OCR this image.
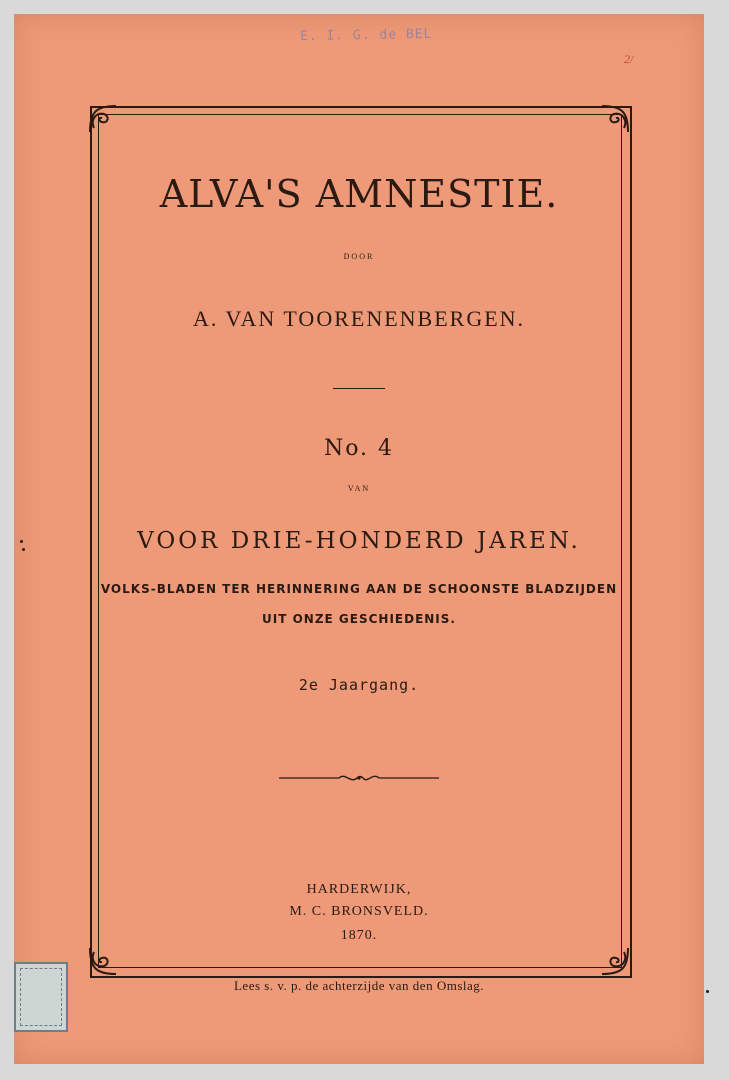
E. I. G. de BEL
2/
ALVA'S AMNESTIE.
DOOR
A. VAN TOORENENBERGEN.
No. 4
VAN
VOOR DRIE-HONDERD JAREN.
VOLKS-BLADEN TER HERINNERING AAN DE SCHOONSTE BLADZIJDEN
UIT ONZE GESCHIEDENIS.
2e Jaargang.
HARDERWIJK,
M. C. BRONSVELD.
1870.
Lees s. v. p. de achterzijde van den Omslag.
